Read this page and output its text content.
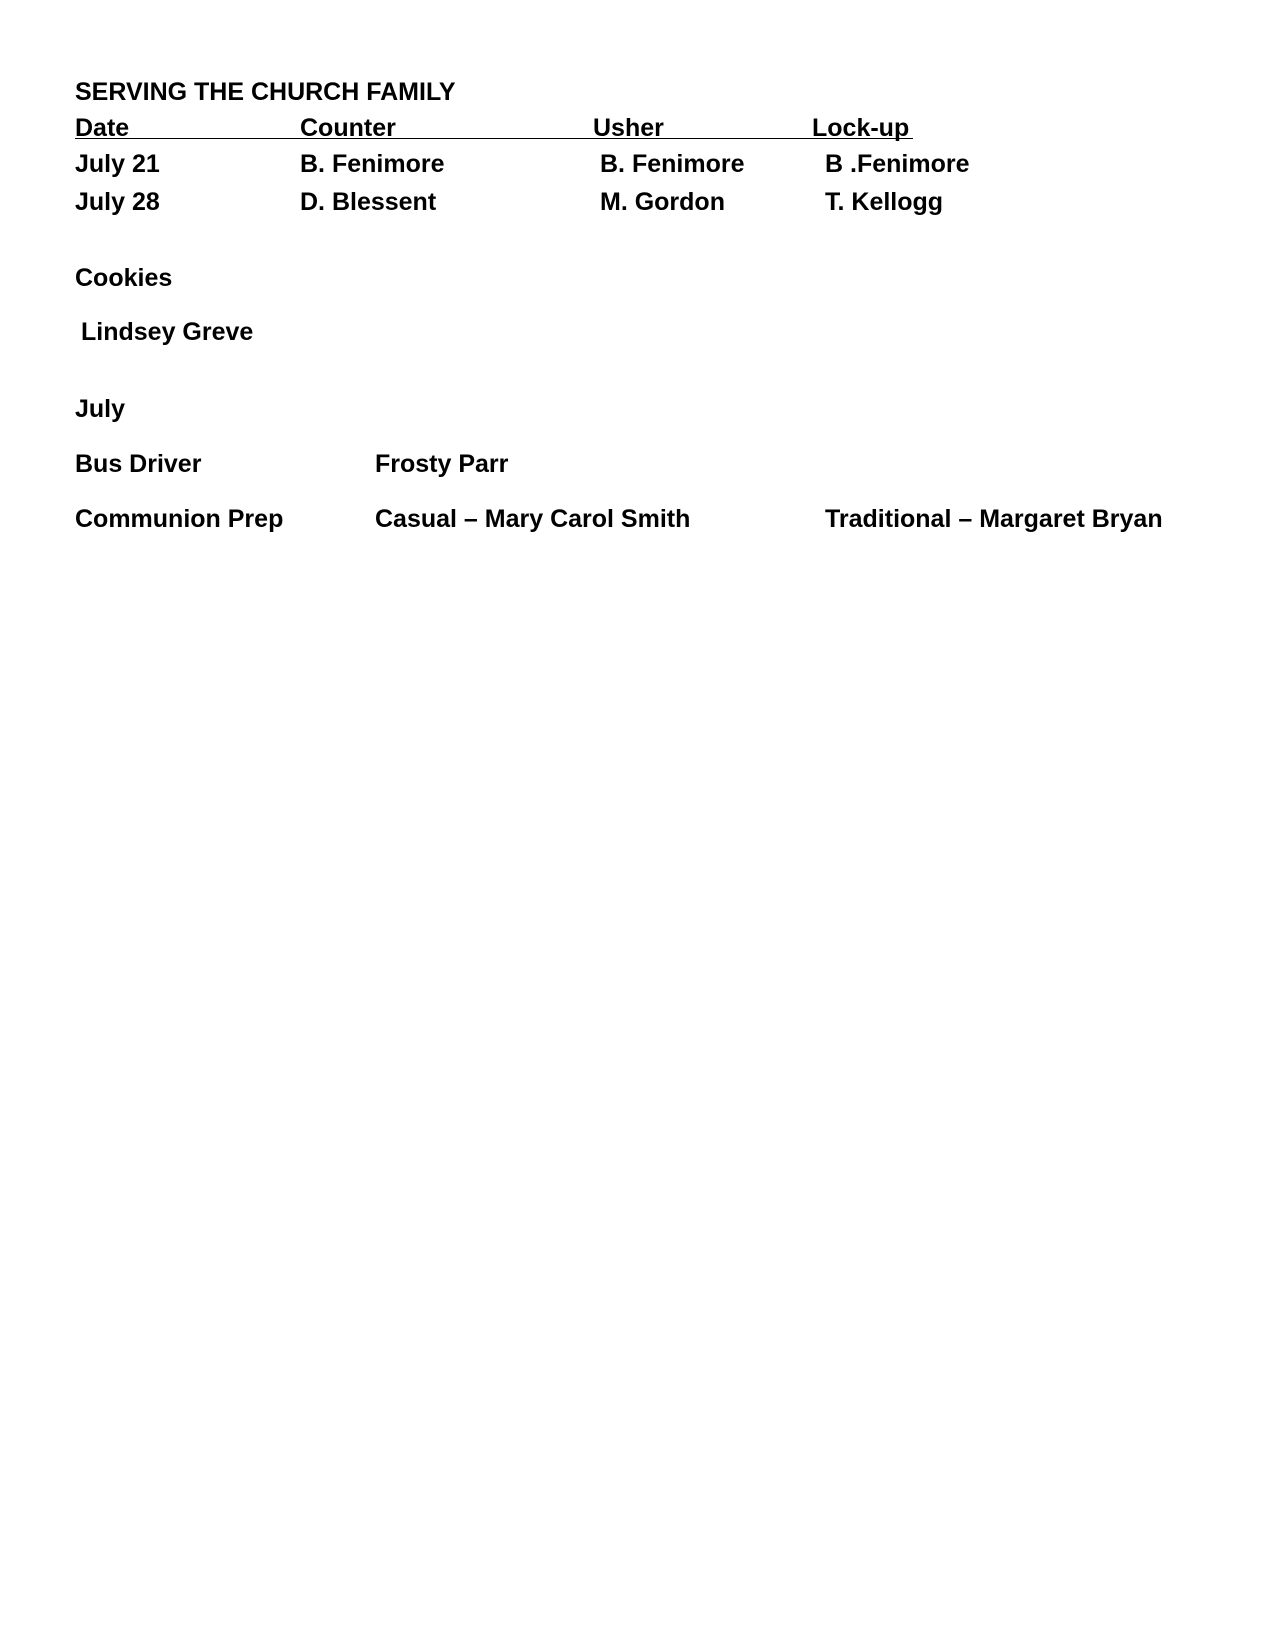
SERVING THE CHURCH FAMILY
Date	Counter	Usher	Lock-up
July 21	B. Fenimore	B. Fenimore	B .Fenimore
July 28	D. Blessent	M. Gordon	T. Kellogg
Cookies
Lindsey Greve
July
Bus Driver	Frosty Parr
Communion Prep	Casual – Mary Carol Smith	Traditional – Margaret Bryan
